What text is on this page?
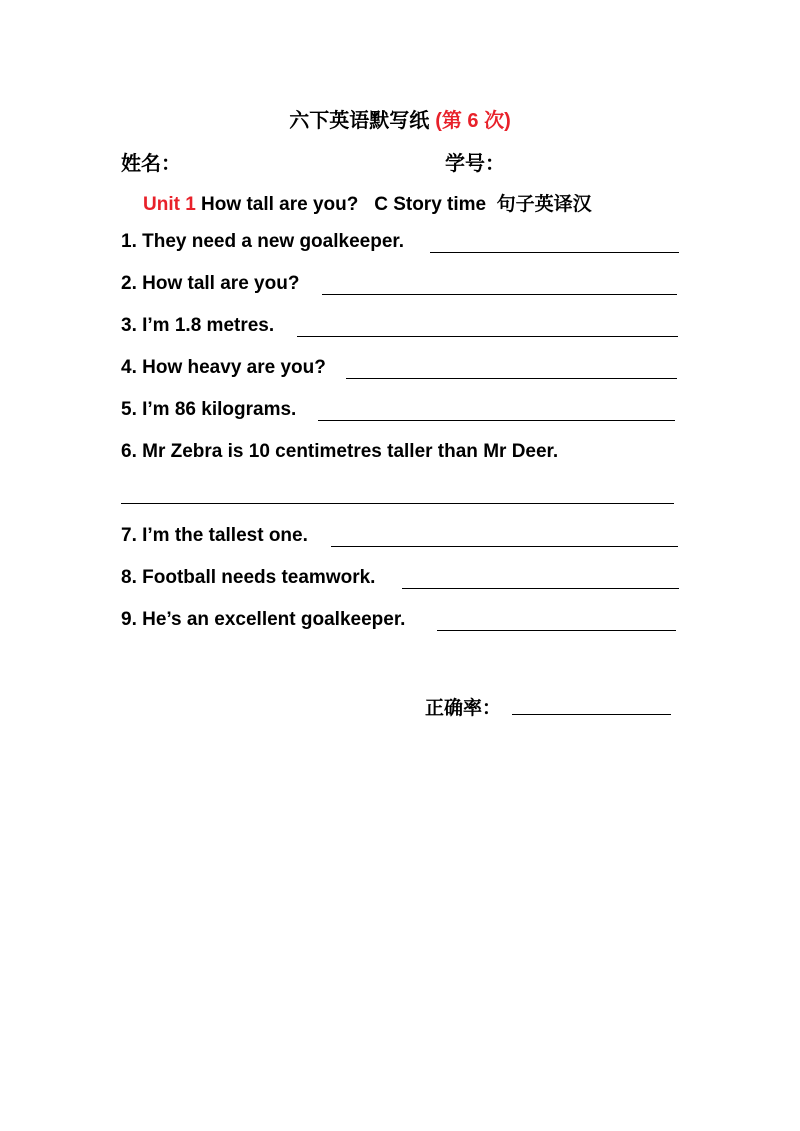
六下英语默写纸 (第 6 次)
姓名：	学号：
Unit 1 How tall are you?   C Story time  句子英译汉
1. They need a new goalkeeper.
2. How tall are you?
3. I’m 1.8 metres.
4. How heavy are you?
5. I’m 86 kilograms.
6. Mr Zebra is 10 centimetres taller than Mr Deer.
7. I’m the tallest one.
8. Football needs teamwork.
9. He’s an excellent goalkeeper.
正确率：
